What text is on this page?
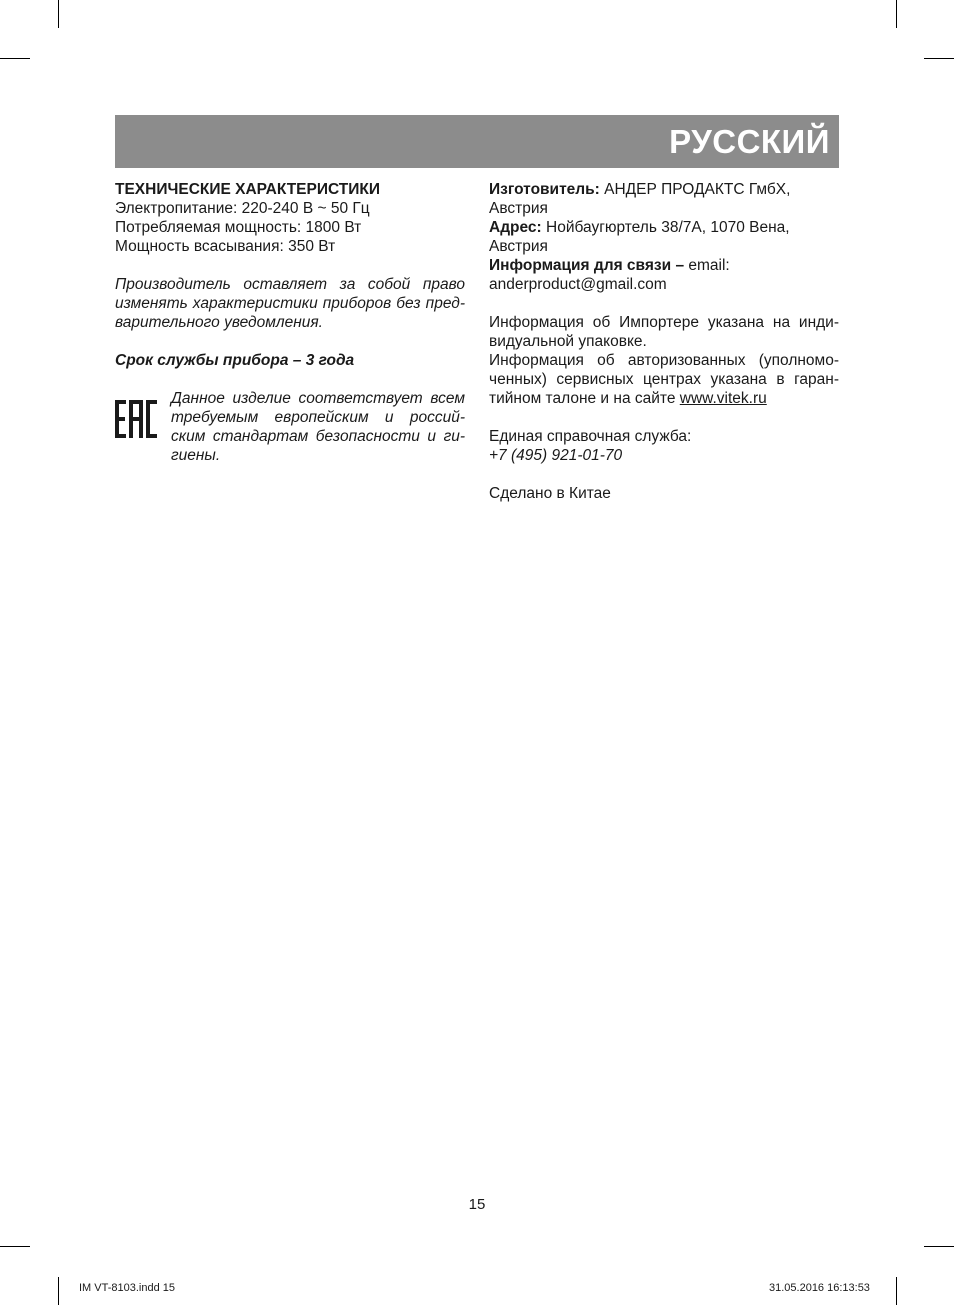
РУССКИЙ
ТЕХНИЧЕСКИЕ ХАРАКТЕРИСТИКИ
Электропитание: 220-240 В ~ 50 Гц
Потребляемая мощность: 1800 Вт
Мощность всасывания: 350 Вт
Производитель оставляет за собой право
изменять характеристики приборов без пред-
варительного уведомления.
Срок службы прибора – 3 года
Данное изделие соответствует всем
требуемым европейским и россий-
ским стандартам безопасности и ги-
гиены.
Изготовитель: АНДЕР ПРОДАКТС ГмбХ,
Австрия
Адрес: Нойбаугюртель 38/7А, 1070 Вена,
Австрия
Информация для связи – email:
anderproduct@gmail.com
Информация об Импортере указана на инди-
видуальной упаковке.
Информация об авторизованных (уполномо-
ченных) сервисных центрах указана в гаран-
тийном талоне и на сайте www.vitek.ru
Единая справочная служба:
+7 (495) 921-01-70
Сделано в Китае
15
IM VT-8103.indd 15	31.05.2016 16:13:53
